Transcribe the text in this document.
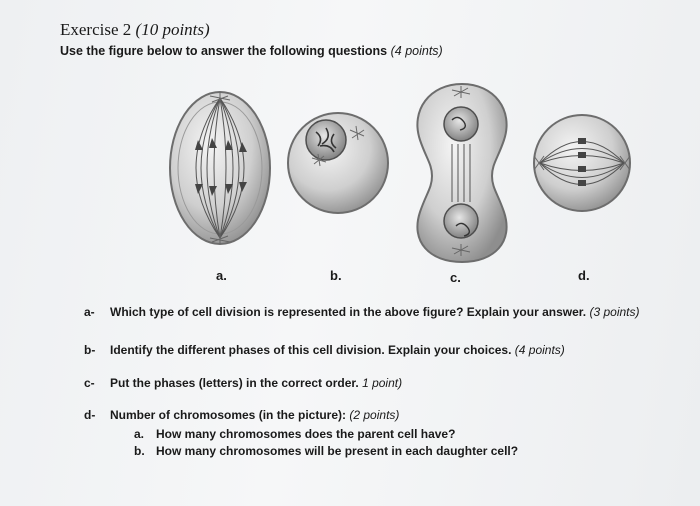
Exercise 2 (10 points)
Use the figure below to answer the following questions (4 points)
a.	b.	c.	d.
a- Which type of cell division is represented in the above figure? Explain your answer. (3 points)
b- Identify the different phases of this cell division. Explain your choices. (4 points)
c- Put the phases (letters) in the correct order. 1 point)
d- Number of chromosomes (in the picture): (2 points)
a. How many chromosomes does the parent cell have?
b. How many chromosomes will be present in each daughter cell?
